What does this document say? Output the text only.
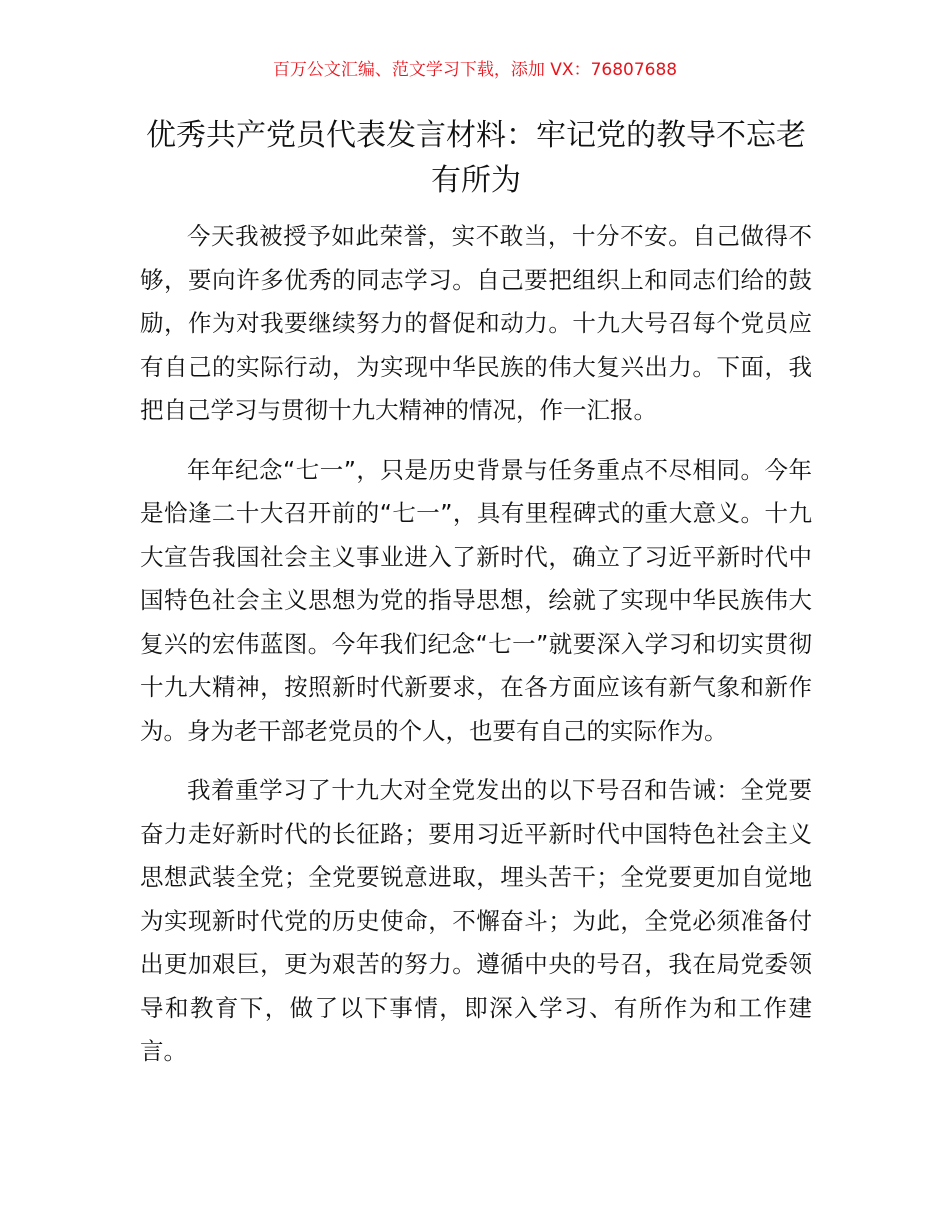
百万公文汇编、范文学习下载，添加 VX：76807688
优秀共产党员代表发言材料：牢记党的教导不忘老有所为

今天我被授予如此荣誉，实不敢当，十分不安。自己做得不够，要向许多优秀的同志学习。自己要把组织上和同志们给的鼓励，作为对我要继续努力的督促和动力。十九大号召每个党员应有自己的实际行动，为实现中华民族的伟大复兴出力。下面，我把自己学习与贯彻十九大精神的情况，作一汇报。

年年纪念“七一”，只是历史背景与任务重点不尽相同。今年是恰逢二十大召开前的“七一”，具有里程碑式的重大意义。十九大宣告我国社会主义事业进入了新时代，确立了习近平新时代中国特色社会主义思想为党的指导思想，绘就了实现中华民族伟大复兴的宏伟蓝图。今年我们纪念“七一”就要深入学习和切实贯彻十九大精神，按照新时代新要求，在各方面应该有新气象和新作为。身为老干部老党员的个人，也要有自己的实际作为。

我着重学习了十九大对全党发出的以下号召和告诫：全党要奋力走好新时代的长征路；要用习近平新时代中国特色社会主义思想武装全党；全党要锐意进取，埋头苦干；全党要更加自觉地为实现新时代党的历史使命，不懈奋斗；为此，全党必须准备付出更加艰巨，更为艰苦的努力。遵循中央的号召，我在局党委领导和教育下，做了以下事情，即深入学习、有所作为和工作建言。
